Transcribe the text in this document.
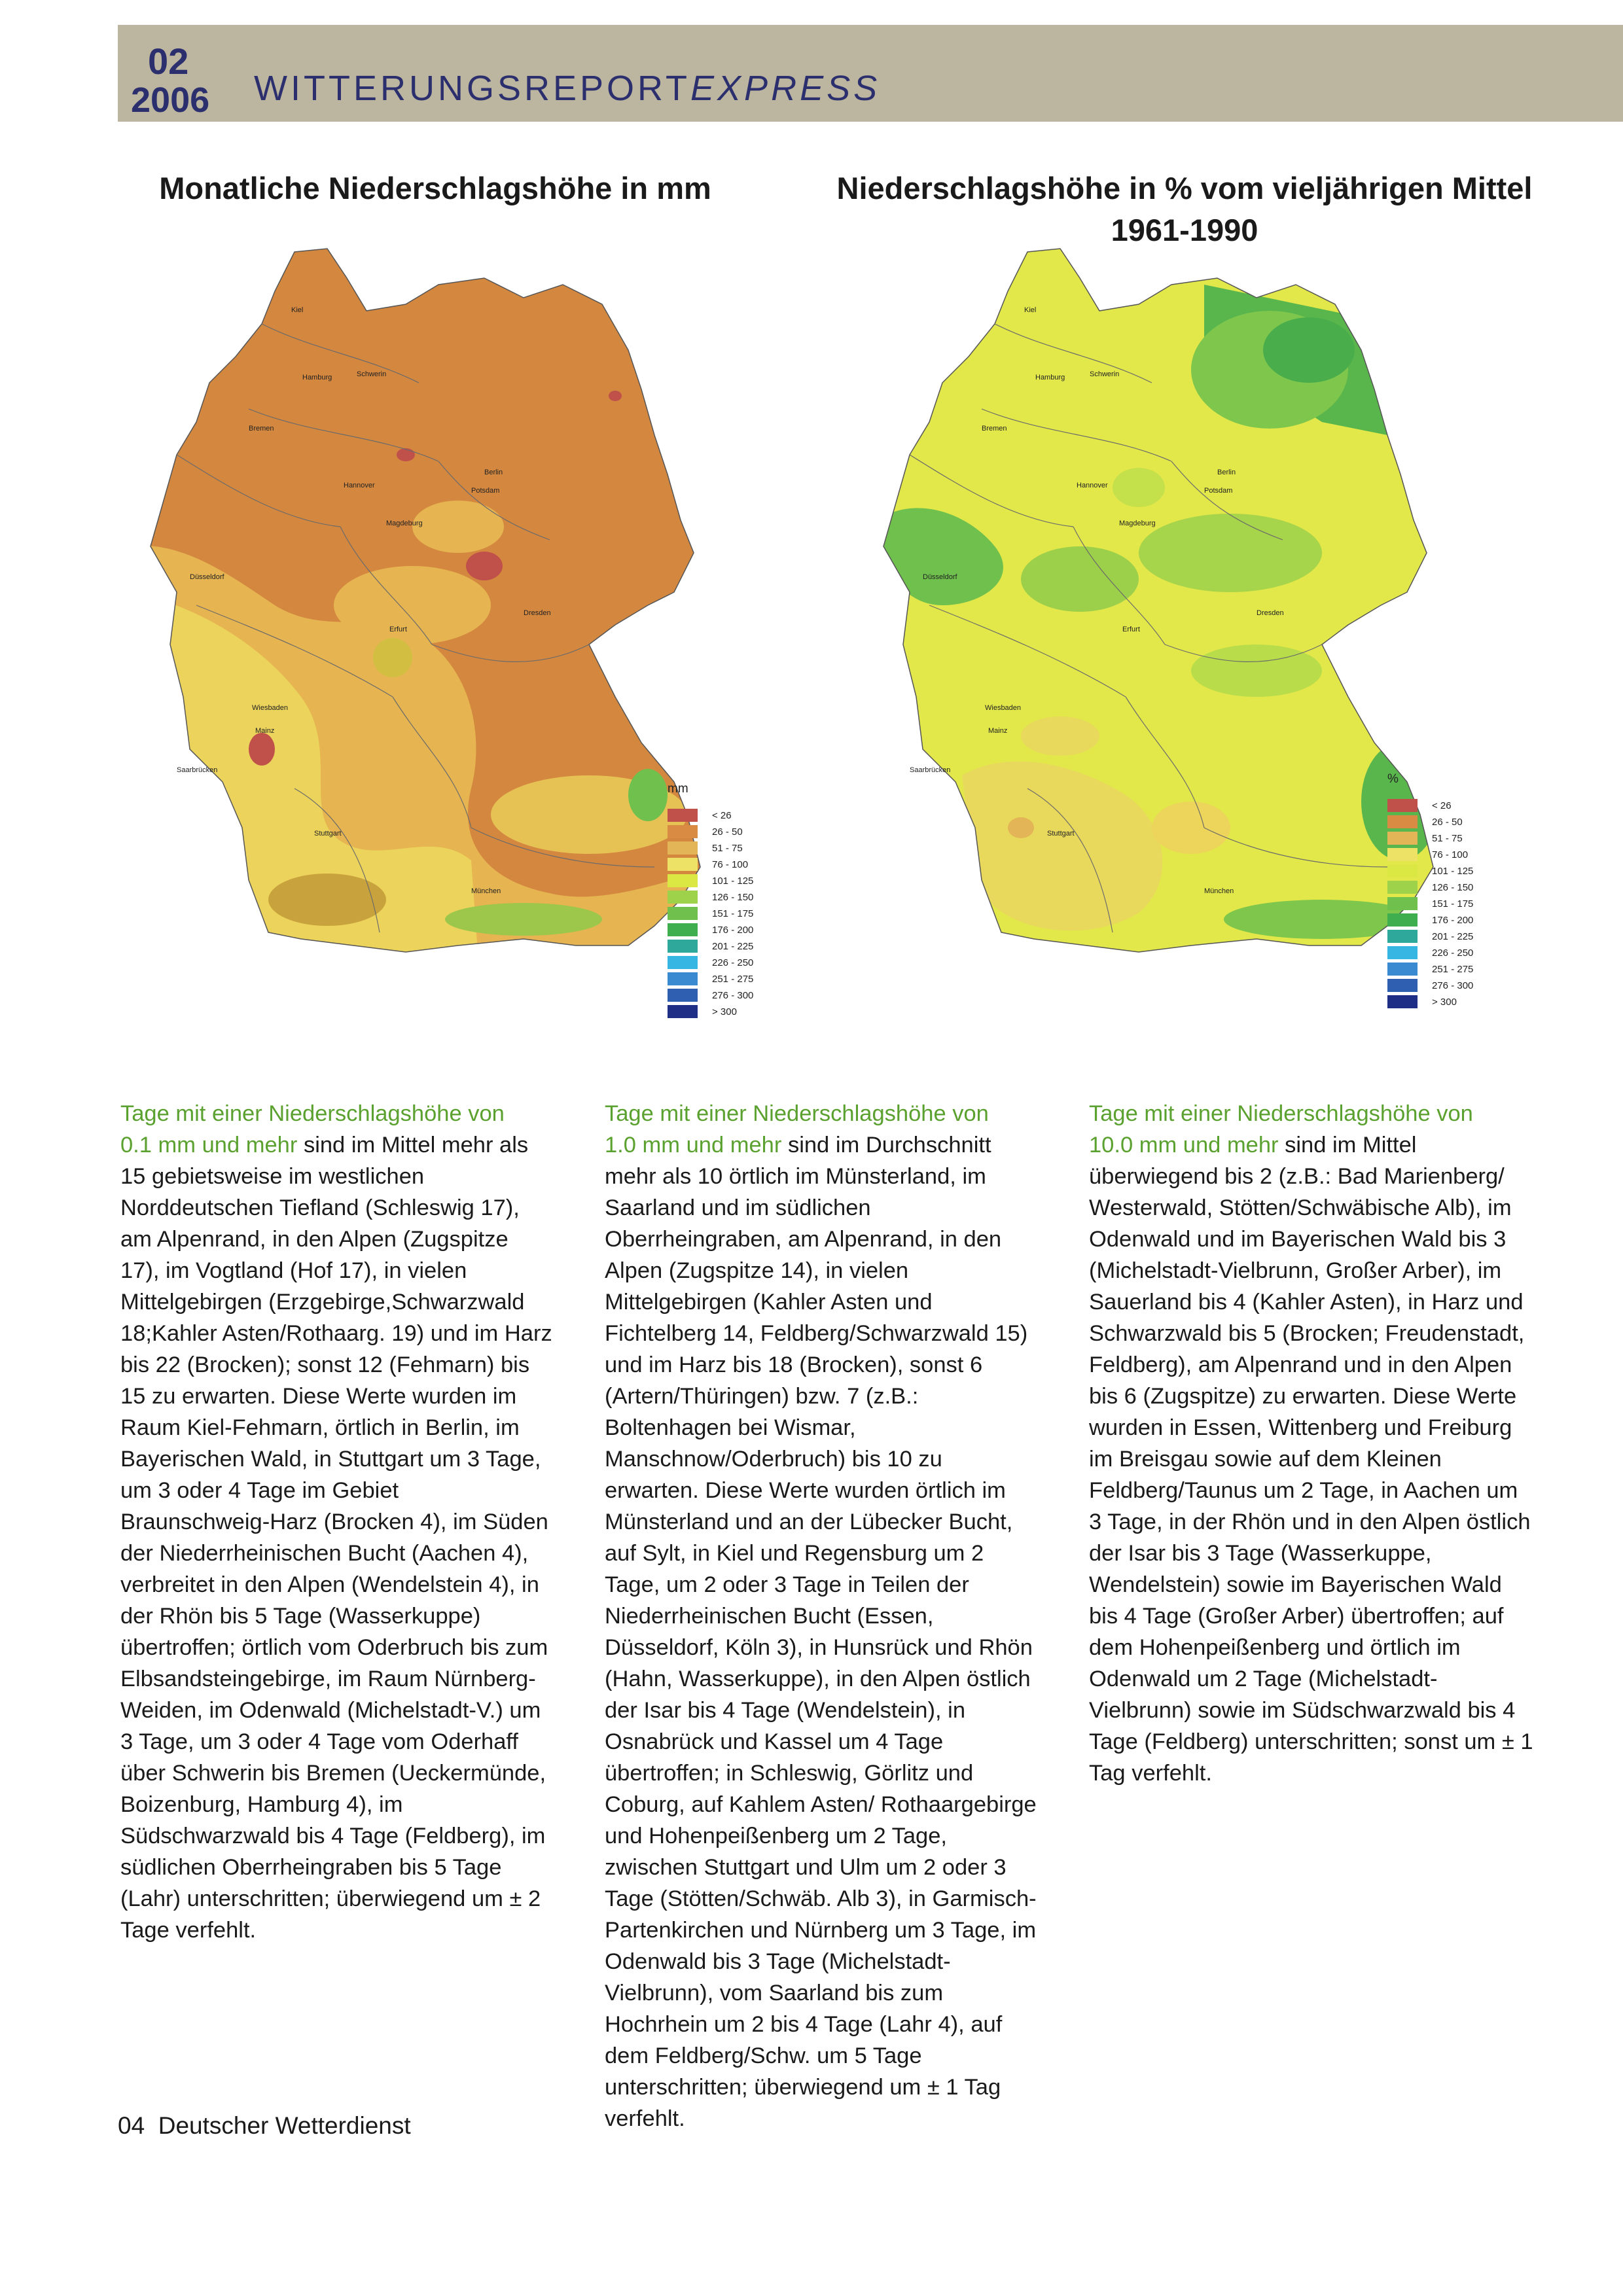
02
2006 WITTERUNGSREPORTEXPRESS
Monatliche Niederschlagshöhe in mm	Niederschlagshöhe in % vom vieljährigen Mittel
1961-1990
Kiel
Hamburg	Schwerin
Bremen
Berlin
Hannover
Potsdam
Magdeburg
Düsseldorf
Erfurt
Dresden
Wiesbaden
Mainz
Saarbrücken
Stuttgart
München
mm
< 26
26 - 50
51 - 75
76 - 100
101 - 125
126 - 150
151 - 175
176 - 200
201 - 225
226 - 250
251 - 275
276 - 300
> 300
Kiel
Hamburg	Schwerin
Bremen
Berlin
Hannover
Potsdam
Magdeburg
Düsseldorf
Erfurt
Dresden
Wiesbaden
Mainz
Saarbrücken
Stuttgart
München
%
< 26
26 - 50
51 - 75
76 - 100
101 - 125
126 - 150
151 - 175
176 - 200
201 - 225
226 - 250
251 - 275
276 - 300
> 300
Tage mit einer Niederschlagshöhe von
0.1 mm und mehr sind im Mittel mehr als 15 gebietsweise im westlichen Norddeutschen Tiefland (Schleswig 17), am Alpenrand, in den Alpen (Zugspitze 17), im Vogtland (Hof 17), in vielen Mittelgebirgen (Erzgebirge,Schwarzwald 18;Kahler Asten/Rothaarg. 19) und im Harz bis 22 (Brocken); sonst 12 (Fehmarn) bis 15 zu erwarten. Diese Werte wurden im Raum Kiel-Fehmarn, örtlich in Berlin, im Bayerischen Wald, in Stuttgart um 3 Tage, um 3 oder 4 Tage im Gebiet Braunschweig-Harz (Brocken 4), im Süden der Niederrheinischen Bucht (Aachen 4), verbreitet in den Alpen (Wendelstein 4), in der Rhön bis 5 Tage (Wasserkuppe) übertroffen; örtlich vom Oderbruch bis zum Elbsandsteingebirge, im Raum Nürnberg-Weiden, im Odenwald (Michelstadt-V.) um 3 Tage, um 3 oder 4 Tage vom Oderhaff über Schwerin bis Bremen (Ueckermünde, Boizenburg, Hamburg 4), im Südschwarzwald bis 4 Tage (Feldberg), im südlichen Oberrheingraben bis 5 Tage (Lahr) unterschritten; überwiegend um ± 2 Tage verfehlt.
Tage mit einer Niederschlagshöhe von
1.0 mm und mehr sind im Durchschnitt mehr als 10 örtlich im Münsterland, im Saarland und im südlichen Oberrheingraben, am Alpenrand, in den Alpen (Zugspitze 14), in vielen Mittelgebirgen (Kahler Asten und Fichtelberg 14, Feldberg/Schwarzwald 15) und im Harz bis 18 (Brocken), sonst 6 (Artern/Thüringen) bzw. 7 (z.B.: Boltenhagen bei Wismar, Manschnow/Oderbruch) bis 10 zu erwarten. Diese Werte wurden örtlich im Münsterland und an der Lübecker Bucht, auf Sylt, in Kiel und Regensburg um 2 Tage, um 2 oder 3 Tage in Teilen der Niederrheinischen Bucht (Essen, Düsseldorf, Köln 3), in Hunsrück und Rhön (Hahn, Wasserkuppe), in den Alpen östlich der Isar bis 4 Tage (Wendelstein), in Osnabrück und Kassel um 4 Tage übertroffen; in Schleswig, Görlitz und Coburg, auf Kahlem Asten/ Rothaargebirge und Hohenpeißenberg um 2 Tage, zwischen Stuttgart und Ulm um 2 oder 3 Tage (Stötten/Schwäb. Alb 3), in Garmisch-Partenkirchen und Nürnberg um 3 Tage, im Odenwald bis 3 Tage (Michelstadt-Vielbrunn), vom Saarland bis zum Hochrhein um 2 bis 4 Tage (Lahr 4), auf dem Feldberg/Schw. um 5 Tage unterschritten; überwiegend um ± 1 Tag verfehlt.
Tage mit einer Niederschlagshöhe von
10.0 mm und mehr sind im Mittel überwiegend bis 2 (z.B.: Bad Marienberg/ Westerwald, Stötten/Schwäbische Alb), im Odenwald und im Bayerischen Wald bis 3 (Michelstadt-Vielbrunn, Großer Arber), im Sauerland bis 4 (Kahler Asten), in Harz und Schwarzwald bis 5 (Brocken; Freudenstadt, Feldberg), am Alpenrand und in den Alpen bis 6 (Zugspitze) zu erwarten. Diese Werte wurden in Essen, Wittenberg und Freiburg im Breisgau sowie auf dem Kleinen Feldberg/Taunus um 2 Tage, in Aachen um 3 Tage, in der Rhön und in den Alpen östlich der Isar bis 3 Tage (Wasserkuppe, Wendelstein) sowie im Bayerischen Wald bis 4 Tage (Großer Arber) übertroffen; auf dem Hohenpeißenberg und örtlich im Odenwald um 2 Tage (Michelstadt-Vielbrunn) sowie im Südschwarzwald bis 4 Tage (Feldberg) unterschritten; sonst um ± 1 Tag verfehlt.
04 Deutscher Wetterdienst
